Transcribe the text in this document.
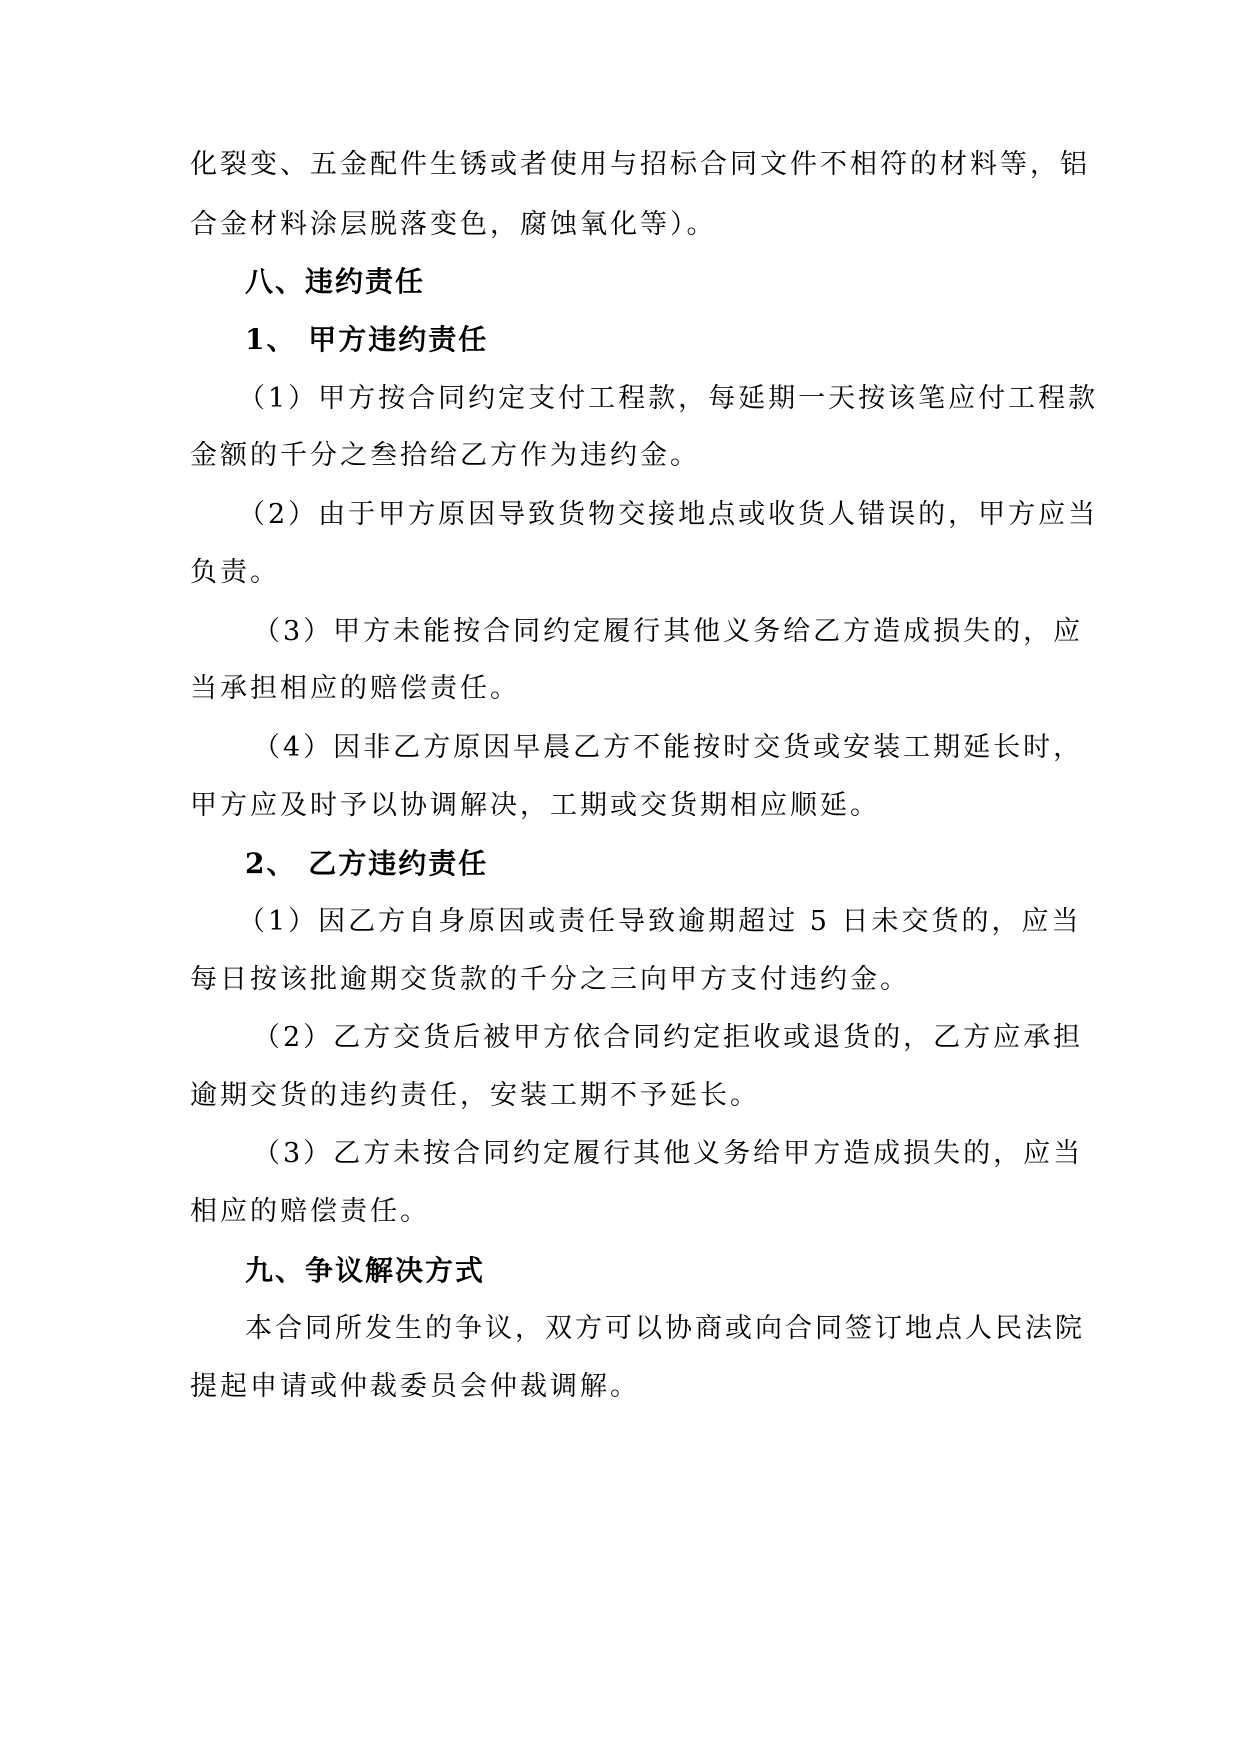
化裂变、五金配件生锈或者使用与招标合同文件不相符的材料等，铝
合金材料涂层脱落变色，腐蚀氧化等）。
八、违约责任
1、 甲方违约责任
（1）甲方按合同约定支付工程款，每延期一天按该笔应付工程款
金额的千分之叁拾给乙方作为违约金。
（2）由于甲方原因导致货物交接地点或收货人错误的，甲方应当
负责。
（3）甲方未能按合同约定履行其他义务给乙方造成损失的，应
当承担相应的赔偿责任。
（4）因非乙方原因早晨乙方不能按时交货或安装工期延长时，
甲方应及时予以协调解决，工期或交货期相应顺延。
2、 乙方违约责任
（1）因乙方自身原因或责任导致逾期超过 5 日未交货的，应当
每日按该批逾期交货款的千分之三向甲方支付违约金。
（2）乙方交货后被甲方依合同约定拒收或退货的，乙方应承担
逾期交货的违约责任，安装工期不予延长。
（3）乙方未按合同约定履行其他义务给甲方造成损失的，应当
相应的赔偿责任。
九、争议解决方式
本合同所发生的争议，双方可以协商或向合同签订地点人民法院
提起申请或仲裁委员会仲裁调解。
